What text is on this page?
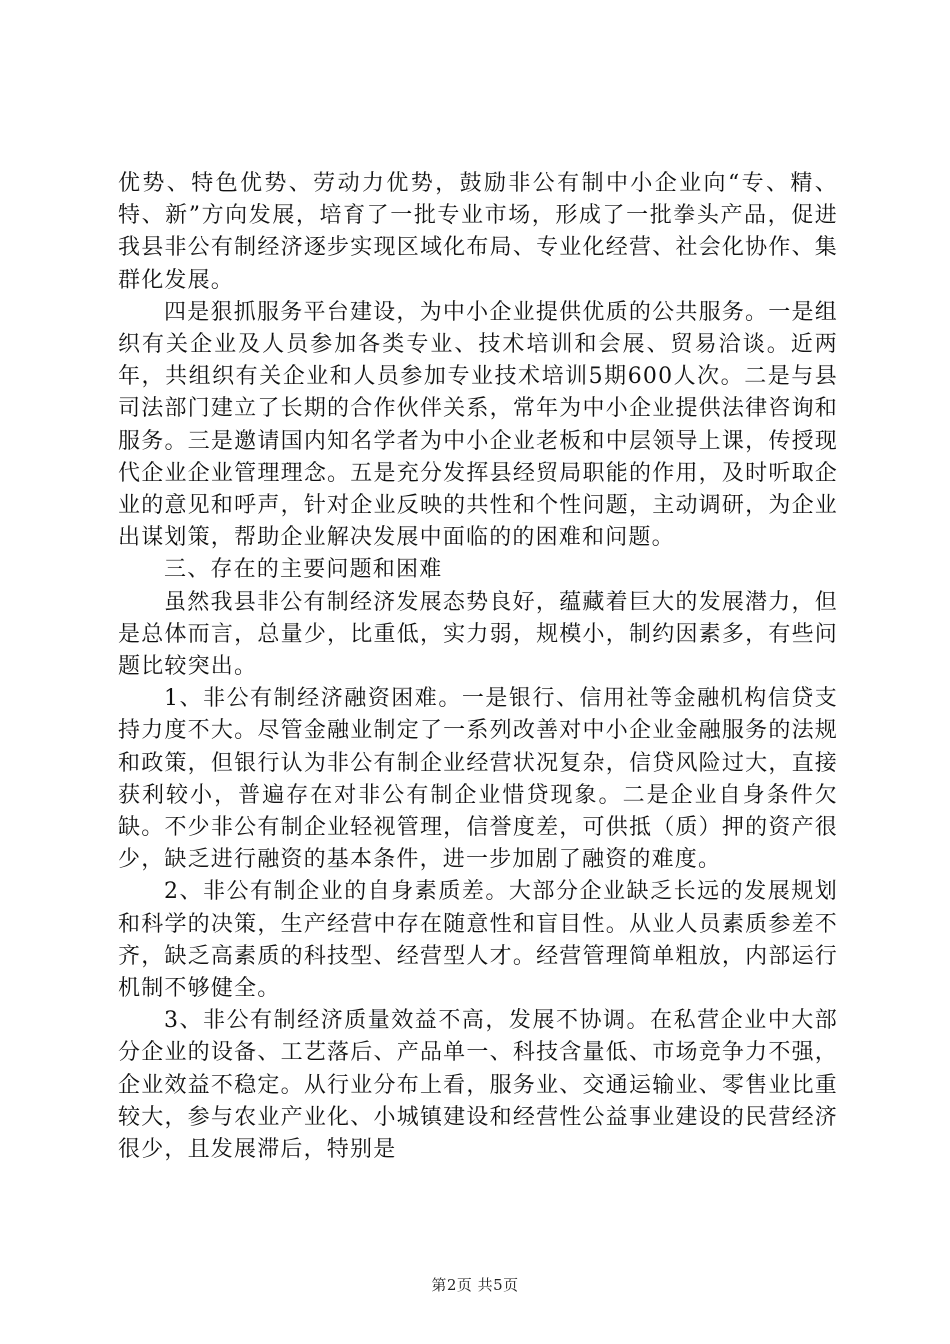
优势、特色优势、劳动力优势，鼓励非公有制中小企业向“专、精、特、新”方向发展，培育了一批专业市场，形成了一批拳头产品，促进我县非公有制经济逐步实现区域化布局、专业化经营、社会化协作、集群化发展。

四是狠抓服务平台建设，为中小企业提供优质的公共服务。一是组织有关企业及人员参加各类专业、技术培训和会展、贸易洽谈。近两年，共组织有关企业和人员参加专业技术培训5期600人次。二是与县司法部门建立了长期的合作伙伴关系，常年为中小企业提供法律咨询和服务。三是邀请国内知名学者为中小企业老板和中层领导上课，传授现代企业企业管理理念。五是充分发挥县经贸局职能的作用，及时听取企业的意见和呼声，针对企业反映的共性和个性问题，主动调研，为企业出谋划策，帮助企业解决发展中面临的的困难和问题。

三、存在的主要问题和困难

虽然我县非公有制经济发展态势良好，蕴藏着巨大的发展潜力，但是总体而言，总量少，比重低，实力弱，规模小，制约因素多，有些问题比较突出。

1、非公有制经济融资困难。一是银行、信用社等金融机构信贷支持力度不大。尽管金融业制定了一系列改善对中小企业金融服务的法规和政策，但银行认为非公有制企业经营状况复杂，信贷风险过大，直接获利较小，普遍存在对非公有制企业惜贷现象。二是企业自身条件欠缺。不少非公有制企业轻视管理，信誉度差，可供抵（质）押的资产很少，缺乏进行融资的基本条件，进一步加剧了融资的难度。

2、非公有制企业的自身素质差。大部分企业缺乏长远的发展规划和科学的决策，生产经营中存在随意性和盲目性。从业人员素质参差不齐，缺乏高素质的科技型、经营型人才。经营管理简单粗放，内部运行机制不够健全。

3、非公有制经济质量效益不高，发展不协调。在私营企业中大部分企业的设备、工艺落后、产品单一、科技含量低、市场竞争力不强，企业效益不稳定。从行业分布上看，服务业、交通运输业、零售业比重较大，参与农业产业化、小城镇建设和经营性公益事业建设的民营经济很少，且发展滞后，特别是

第2页 共5页
